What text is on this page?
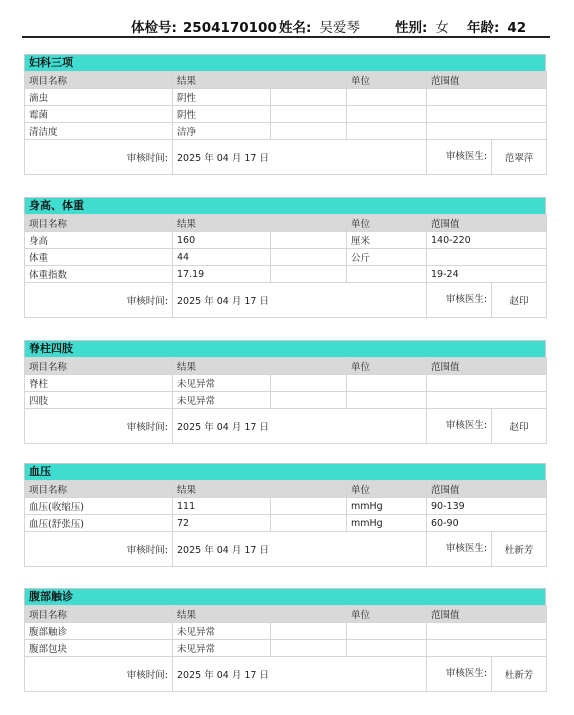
体检号: 2504170100 姓名: 吴爱琴	性别: 女 年龄: 42
妇科三项
项目名称	结果		单位	范围值
滴虫	阴性			
霉菌	阴性			
清洁度	洁净			
审核时间:	2025 年 04 月 17 日			审核医生: 范翠萍
身高、体重
项目名称	结果		单位	范围值
身高	160		厘米	140-220
体重	44		公斤	
体重指数	17.19			19-24
审核时间:	2025 年 04 月 17 日			审核医生: 赵印
脊柱四肢
项目名称	结果		单位	范围值
脊柱	未见异常			
四肢	未见异常			
审核时间:	2025 年 04 月 17 日			审核医生: 赵印
血压
项目名称	结果		单位	范围值
血压(收缩压)	111		mmHg	90-139
血压(舒张压)	72		mmHg	60-90
审核时间:	2025 年 04 月 17 日			审核医生: 杜新芳
腹部触诊
项目名称	结果		单位	范围值
腹部触诊	未见异常			
腹部包块	未见异常			
审核时间:	2025 年 04 月 17 日			审核医生: 杜新芳
